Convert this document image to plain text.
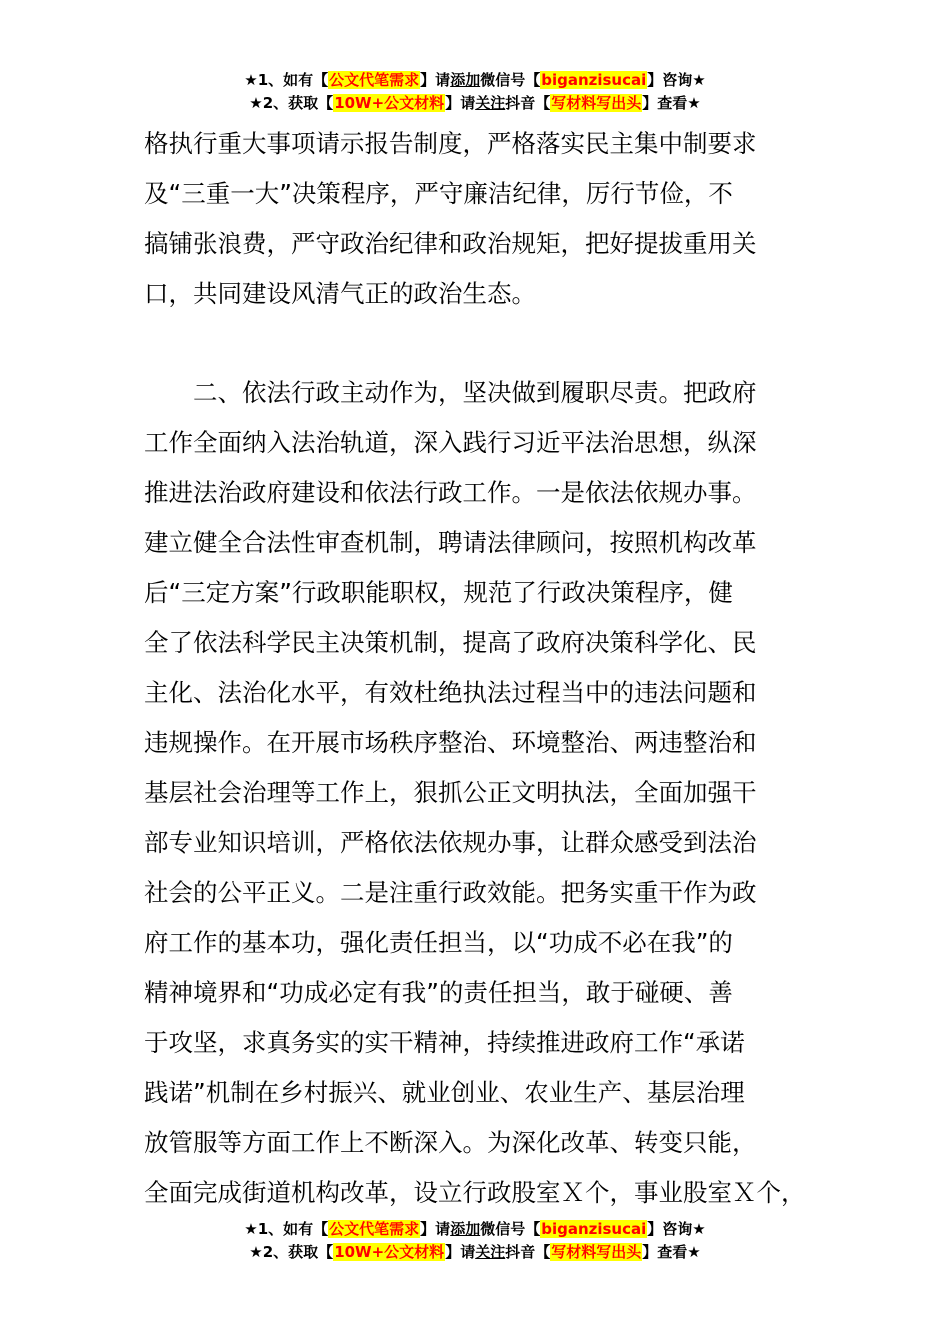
★1、如有【公文代笔需求】请添加微信号【biganzisucai】咨询★
★2、获取【10W+公文材料】请关注抖音【写材料写出头】查看★
格执行重大事项请示报告制度，严格落实民主集中制要求
及“三重一大”决策程序，严守廉洁纪律，厉行节俭，不
搞铺张浪费，严守政治纪律和政治规矩，把好提拔重用关
口，共同建设风清气正的政治生态。
　　二、依法行政主动作为，坚决做到履职尽责。把政府
工作全面纳入法治轨道，深入践行习近平法治思想，纵深
推进法治政府建设和依法行政工作。一是依法依规办事。
建立健全合法性审查机制，聘请法律顾问，按照机构改革
后“三定方案”行政职能职权，规范了行政决策程序，健
全了依法科学民主决策机制，提高了政府决策科学化、民
主化、法治化水平，有效杜绝执法过程当中的违法问题和
违规操作。在开展市场秩序整治、环境整治、两违整治和
基层社会治理等工作上，狠抓公正文明执法，全面加强干
部专业知识培训，严格依法依规办事，让群众感受到法治
社会的公平正义。二是注重行政效能。把务实重干作为政
府工作的基本功，强化责任担当，以“功成不必在我”的
精神境界和“功成必定有我”的责任担当，敢于碰硬、善
于攻坚，求真务实的实干精神，持续推进政府工作“承诺
践诺”机制在乡村振兴、就业创业、农业生产、基层治理
放管服等方面工作上不断深入。为深化改革、转变只能，
全面完成街道机构改革，设立行政股室Ｘ个，事业股室Ｘ个，
★1、如有【公文代笔需求】请添加微信号【biganzisucai】咨询★
★2、获取【10W+公文材料】请关注抖音【写材料写出头】查看★
